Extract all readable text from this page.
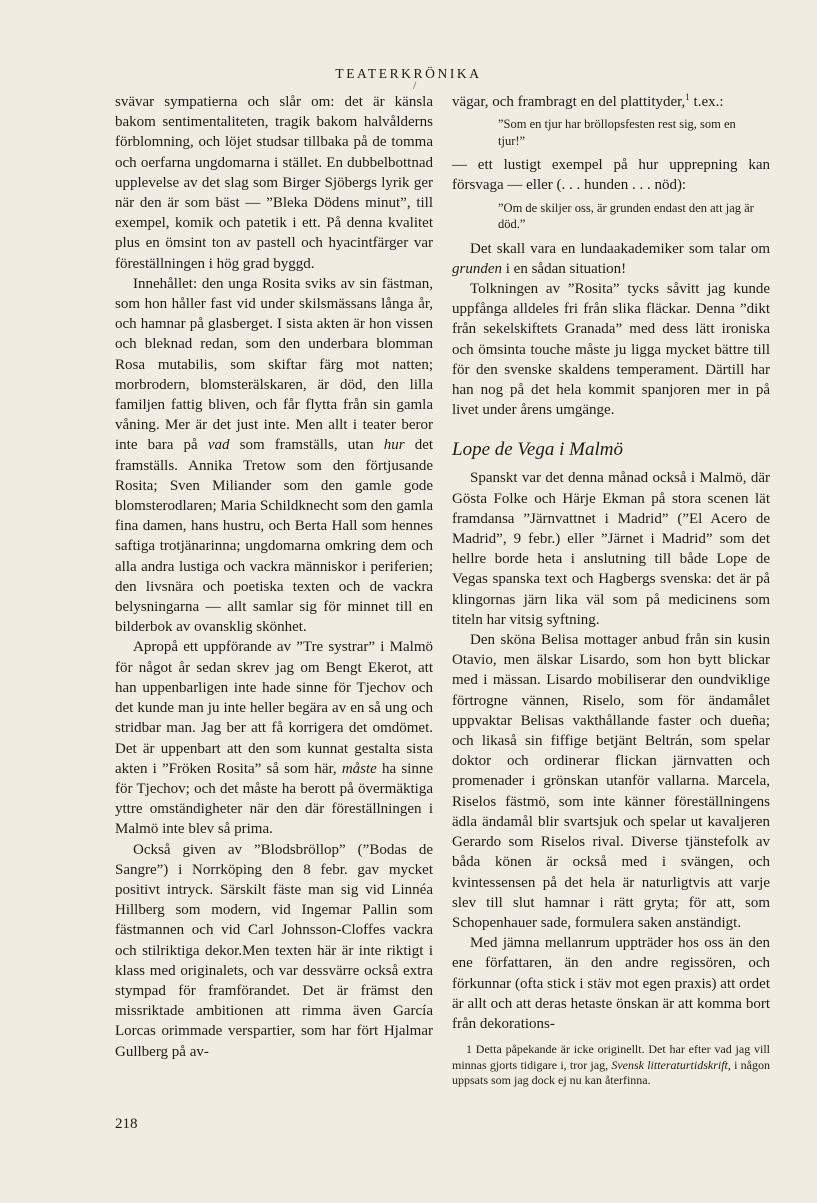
TEATERKRÖNIKA
/

svävar sympatierna och slår om: det är känsla bakom sentimentaliteten, tragik bakom halvålderns förblomning, och löjet studsar tillbaka på de tomma och oerfarna ungdomarna i stället. En dubbelbottnad upplevelse av det slag som Birger Sjöbergs lyrik ger när den är som bäst — ”Bleka Dödens minut”, till exempel, komik och patetik i ett. På denna kvalitet plus en ömsint ton av pastell och hyacintfärger var föreställningen i hög grad byggd.

Innehållet: den unga Rosita sviks av sin fästman, som hon håller fast vid under skilsmässans långa år, och hamnar på glasberget. I sista akten är hon vissen och bleknad redan, som den underbara blomman Rosa mutabilis, som skiftar färg mot natten; morbrodern, blomsterälskaren, är död, den lilla familjen fattig bliven, och får flytta från sin gamla våning. Mer är det just inte. Men allt i teater beror inte bara på vad som framställs, utan hur det framställs. Annika Tretow som den förtjusande Rosita; Sven Miliander som den gamle gode blomsterodlaren; Maria Schildknecht som den gamla fina damen, hans hustru, och Berta Hall som hennes saftiga trotjänarinna; ungdomarna omkring dem och alla andra lustiga och vackra människor i periferien; den livsnära och poetiska texten och de vackra belysningarna — allt samlar sig för minnet till en bilderbok av ovansklig skönhet.

Apropå ett uppförande av ”Tre systrar” i Malmö för något år sedan skrev jag om Bengt Ekerot, att han uppenbarligen inte hade sinne för Tjechov och det kunde man ju inte heller begära av en så ung och stridbar man. Jag ber att få korrigera det omdömet. Det är uppenbart att den som kunnat gestalta sista akten i ”Fröken Rosita” så som här, måste ha sinne för Tjechov; och det måste ha berott på övermäktiga yttre omständigheter när den där föreställningen i Malmö inte blev så prima.

Också given av ”Blodsbröllop” (”Bodas de Sangre”) i Norrköping den 8 febr. gav mycket positivt intryck. Särskilt fäste man sig vid Linnéa Hillberg som modern, vid Ingemar Pallin som fästmannen och vid Carl Johnsson-Cloffes vackra och stilriktiga dekor.Men texten här är inte riktigt i klass med originalets, och var dessvärre också extra stympad för framförandet. Det är främst den missriktade ambitionen att rimma även García Lorcas orimmade verspartier, som har fört Hjalmar Gullberg på av-

vägar, och frambragt en del plattityder,$^1$ t.ex.:

”Som en tjur har bröllopsfesten rest sig, som en tjur!”

— ett lustigt exempel på hur upprepning kan försvaga — eller (. . . hunden . . . nöd):

”Om de skiljer oss, är grunden endast den att jag är död.”

Det skall vara en lundaakademiker som talar om grunden i en sådan situation!

Tolkningen av ”Rosita” tycks såvitt jag kunde uppfånga alldeles fri från slika fläckar. Denna ”dikt från sekelskiftets Granada” med dess lätt ironiska och ömsinta touche måste ju ligga mycket bättre till för den svenske skaldens temperament. Därtill har han nog på det hela kommit spanjoren mer in på livet under årens umgänge.

Lope de Vega i Malmö

Spanskt var det denna månad också i Malmö, där Gösta Folke och Härje Ekman på stora scenen lät framdansa ”Järnvattnet i Madrid” (”El Acero de Madrid”, 9 febr.) eller ”Järnet i Madrid” som det hellre borde heta i anslutning till både Lope de Vegas spanska text och Hagbergs svenska: det är på klingornas järn lika väl som på medicinens som titeln har vitsig syftning.

Den sköna Belisa mottager anbud från sin kusin Otavio, men älskar Lisardo, som hon bytt blickar med i mässan. Lisardo mobiliserar den oundviklige förtrogne vännen, Riselo, som för ändamålet uppvaktar Belisas vakthållande faster och dueña; och likaså sin fiffige betjänt Beltrán, som spelar doktor och ordinerar flickan järnvatten och promenader i grönskan utanför vallarna. Marcela, Riselos fästmö, som inte känner föreställningens ädla ändamål blir svartsjuk och spelar ut kavaljeren Gerardo som Riselos rival. Diverse tjänstefolk av båda könen är också med i svängen, och kvintessensen på det hela är naturligtvis att varje slev till slut hamnar i rätt gryta; för att, som Schopenhauer sade, formulera saken anständigt.

Med jämna mellanrum uppträder hos oss än den ene författaren, än den andre regissören, och förkunnar (ofta stick i stäv mot egen praxis) att ordet är allt och att deras hetaste önskan är att komma bort från dekorations-

1 Detta påpekande är icke originellt. Det har efter vad jag vill minnas gjorts tidigare i, tror jag, Svensk litteraturtidskrift, i någon uppsats som jag dock ej nu kan återfinna.
218
